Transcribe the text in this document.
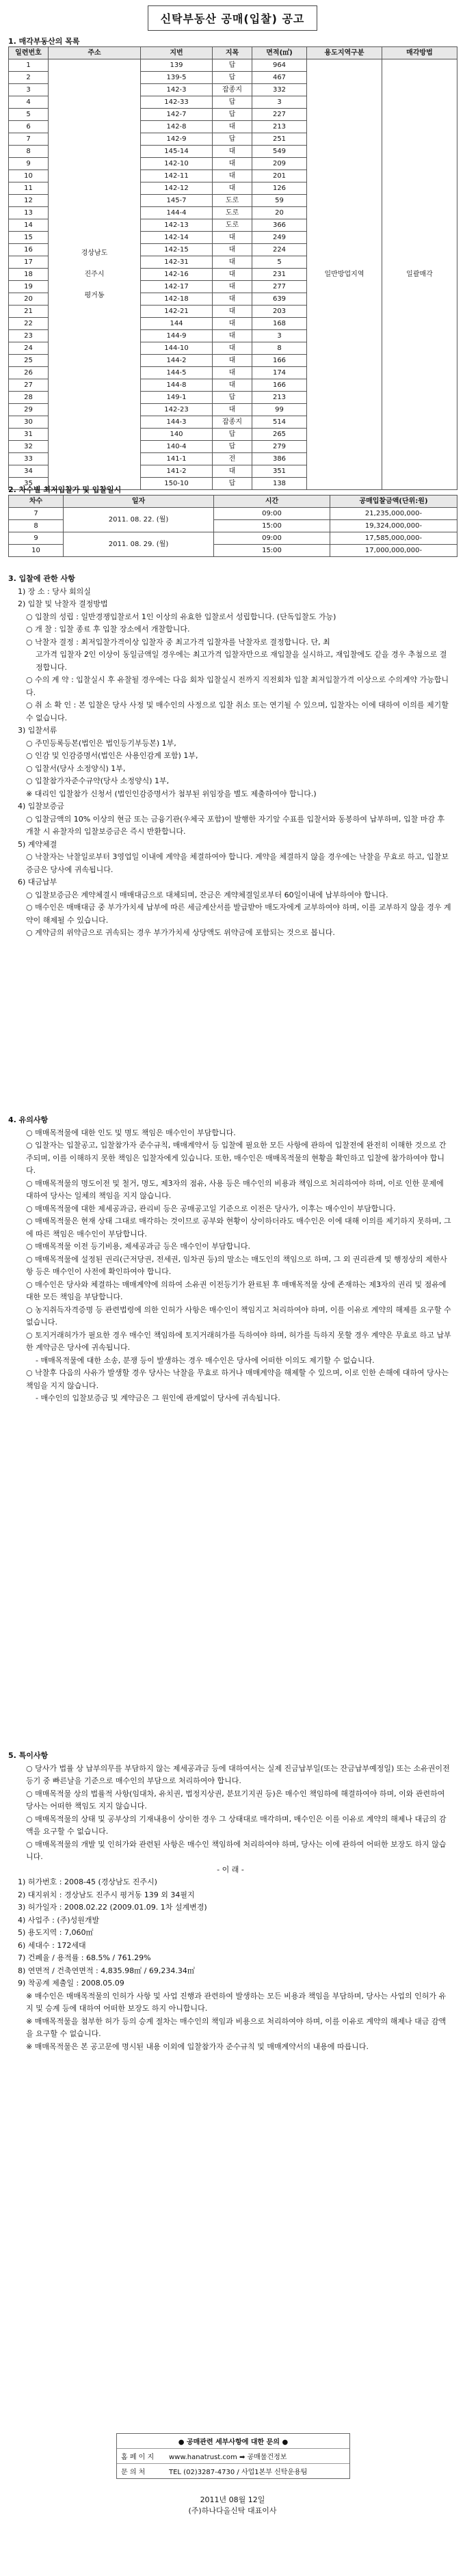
신탁부동산 공매(입찰) 공고
1. 매각부동산의 목록
일련번호	주소	지번	지목	면적(㎡)	용도지역구분	매각방법
1	경상남도
진주시
평거동	139	답	964	일반방업지역	일괄매각
2		139-5	답	467		
3		142-3	잡종지	332		
4		142-33	답	3		
5		142-7	답	227		
6		142-8	대	213		
7		142-9	답	251		
8		145-14	대	549		
9		142-10	대	209		
10		142-11	대	201		
11		142-12	대	126		
12		145-7	도로	59		
13		144-4	도로	20		
14		142-13	도로	366		
15		142-14	대	249		
16		142-15	대	224		
17		142-31	대	5		
18		142-16	대	231		
19		142-17	대	277		
20		142-18	대	639		
21		142-21	대	203		
22		144	대	168		
23		144-9	대	3		
24		144-10	대	8		
25		144-2	대	166		
26		144-5	대	174		
27		144-8	대	166		
28		149-1	답	213		
29		142-23	대	99		
30		144-3	잡종지	514		
31		140	답	265		
32		140-4	답	279		
33		141-1	전	386		
34		141-2	대	351		
35		150-10	답	138		
2. 차수별 최저입찰가 및 입찰일시
차수	일자	시간	공매입찰금액(단위:원)
7	2011. 08. 22. (월)	09:00	21,235,000,000-
8		15:00	19,324,000,000-
9	2011. 08. 29. (월)	09:00	17,585,000,000-
10		15:00	17,000,000,000-

3. 입찰에 관한 사항

1) 장 소 : 당사 회의실

2) 입찰 및 낙찰자 결정방법

○ 입찰의 성립 : 일반경쟁입찰로서 1인 이상의 유효한 입찰로서 성립합니다. (단독입찰도 가능)

○ 개 찰 : 입찰 종료 후 입찰 장소에서 개찰합니다.

○ 낙찰자 결정 : 최저입찰가격이상 입찰자 중 최고가격 입찰자를 낙찰자로 결정합니다. 단, 최

고가격 입찰자 2인 이상이 동일금액일 경우에는 최고가격 입찰자만으로 재입찰을 실시하고, 재입찰에도 같을 경우 추첨으로 결정합니다.

○ 수의 계 약 : 입찰실시 후 유찰될 경우에는 다음 회차 입찰실시 전까지 직전회차 입찰 최저입찰가격 이상으로 수의계약 가능합니다.

○ 취 소 확 인 : 본 입찰은 당사 사정 및 매수인의 사정으로 입찰 취소 또는 연기될 수 있으며, 입찰자는 이에 대하여 이의를 제기할 수 없습니다.

3) 입찰서류

○ 주민등록등본(법인은 법인등기부등본) 1부,

○ 인감 및 인감증명서(법인은 사용인감계 포함) 1부,

○ 입찰서(당사 소정양식) 1부,

○ 입찰참가자준수규약(당사 소정양식) 1부,

※ 대리인 입찰참가 신청서 (법인인감증명서가 첨부된 위임장을 별도 제출하여야 합니다.)

4) 입찰보증금

○ 입찰금액의 10% 이상의 현금 또는 금융기관(우체국 포함)이 발행한 자기앞 수표를 입찰서와 동봉하여 납부하며, 입찰 마감 후 개찰 시 유찰자의 입찰보증금은 즉시 반환합니다.

5) 계약체결

○ 낙찰자는 낙찰일로부터 3영업일 이내에 계약을 체결하여야 합니다. 계약을 체결하지 않을 경우에는 낙찰을 무효로 하고, 입찰보증금은 당사에 귀속됩니다.

6) 대금납부

○ 입찰보증금은 계약체결시 매매대금으로 대체되며, 잔금은 계약체결일로부터 60일이내에 납부하여야 합니다.

○ 매수인은 매매대금 중 부가가치세 납부에 따른 세금계산서를 발급받아 매도자에게 교부하여야 하며, 이를 교부하지 않을 경우 계약이 해제될 수 있습니다.

○ 계약금의 위약금으로 귀속되는 경우 부가가치세 상당액도 위약금에 포함되는 것으로 봅니다.

4. 유의사항

○ 매매목적물에 대한 인도 및 명도 책임은 매수인이 부담합니다.

○ 입찰자는 입찰공고, 입찰참가자 준수규칙, 매매계약서 등 입찰에 필요한 모든 사항에 관하여 입찰전에 완전히 이해한 것으로 간주되며, 이를 이해하지 못한 책임은 입찰자에게 있습니다. 또한, 매수인은 매매목적물의 현황을 확인하고 입찰에 참가하여야 합니다.

○ 매매목적물의 명도이전 및 철거, 명도, 제3자의 점유, 사용 등은 매수인의 비용과 책임으로 처리하여야 하며, 이로 인한 문제에 대하여 당사는 일체의 책임을 지지 않습니다.

○ 매매목적물에 대한 제세공과금, 관리비 등은 공매공고일 기준으로 이전은 당사가, 이후는 매수인이 부담합니다.

○ 매매목적물은 현재 상태 그대로 매각하는 것이므로 공부와 현황이 상이하더라도 매수인은 이에 대해 이의를 제기하지 못하며, 그에 따른 책임은 매수인이 부담합니다.

○ 매매목적물 이전 등기비용, 제세공과금 등은 매수인이 부담합니다.

○ 매매목적물에 설정된 권리(근저당권, 전세권, 임차권 등)의 말소는 매도인의 책임으로 하며, 그 외 권리관계 및 행정상의 제한사항 등은 매수인이 사전에 확인하여야 합니다.

○ 매수인은 당사와 체결하는 매매계약에 의하여 소유권 이전등기가 완료된 후 매매목적물 상에 존재하는 제3자의 권리 및 점유에 대한 모든 책임을 부담합니다.

○ 농지취득자격증명 등 관련법령에 의한 인허가 사항은 매수인이 책임지고 처리하여야 하며, 이를 이유로 계약의 해제를 요구할 수 없습니다.

○ 토지거래허가가 필요한 경우 매수인 책임하에 토지거래허가를 득하여야 하며, 허가를 득하지 못할 경우 계약은 무효로 하고 납부한 계약금은 당사에 귀속됩니다.

- 매매목적물에 대한 소송, 분쟁 등이 발생하는 경우 매수인은 당사에 어떠한 이의도 제기할 수 없습니다.

○ 낙찰후 다음의 사유가 발생할 경우 당사는 낙찰을 무효로 하거나 매매계약을 해제할 수 있으며, 이로 인한 손해에 대하여 당사는 책임을 지지 않습니다.

- 매수인의 입찰보증금 및 계약금은 그 원인에 관계없이 당사에 귀속됩니다.

5. 특이사항

○ 당사가 법률 상 납부의무를 부담하지 않는 제세공과금 등에 대하여서는 실제 진금납부일(또는 잔금납부예정일) 또는 소유권이전등기 중 빠른날을 기준으로 매수인의 부담으로 처리하여야 합니다.

○ 매매목적물 상의 법률적 사항(임대차, 유치권, 법정지상권, 분묘기지권 등)은 매수인 책임하에 해결하여야 하며, 이와 관련하여 당사는 어떠한 책임도 지지 않습니다.

○ 매매목적물의 상태 및 공부상의 기재내용이 상이한 경우 그 상태대로 매각하며, 매수인은 이를 이유로 계약의 해제나 대금의 감액을 요구할 수 없습니다.

○ 매매목적물의 개발 및 인허가와 관련된 사항은 매수인 책임하에 처리하여야 하며, 당사는 이에 관하여 어떠한 보장도 하지 않습니다.

- 이 래 -

1) 허가번호 : 2008-45 (경상남도 진주시)

2) 대지위치 : 경상남도 진주시 평거동 139 외 34필지

3) 허가일자 : 2008.02.22 (2009.01.09. 1차 설계변경)

4) 사업주 : (주)성원개발

5) 용도지역 : 7,060㎡

6) 세대수 : 172세대

7) 건폐율 / 용적률 : 68.5% / 761.29%

8) 연면적 / 건축연면적 : 4,835.98㎡ / 69,234.34㎡

9) 착공계 제출일 : 2008.05.09

※ 매수인은 매매목적물의 인허가 사항 및 사업 진행과 관련하여 발생하는 모든 비용과 책임을 부담하며, 당사는 사업의 인허가 유지 및 승계 등에 대하여 어떠한 보장도 하지 아니합니다.

※ 매매목적물을 첨부한 허가 등의 승계 절차는 매수인의 책임과 비용으로 처리하여야 하며, 이를 이유로 계약의 해제나 대금 감액을 요구할 수 없습니다.

※ 매매목적물은 본 공고문에 명시된 내용 이외에 입찰참가자 준수규칙 및 매매계약서의 내용에 따릅니다.

● 공매관련 세부사항에 대한 문의 ●
홈 페 이 지	www.hanatrust.com ➡ 공매물건정보
문 의 처	TEL (02)3287-4730 / 사업1본부 신탁운용팀
2011년 08월 12일
(주)하나다올신탁 대표이사
